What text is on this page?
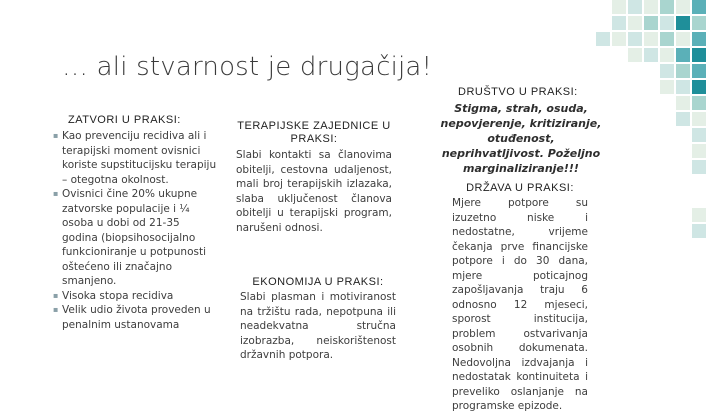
… ali stvarnost je drugačija!
ZATVORI U PRAKSI:
▪ Kao prevenciju recidiva ali i terapijski moment ovisnici koriste supstitucijsku terapiju – otegotna okolnost.
▪ Ovisnici čine 20% ukupne zatvorske populacije i ¼ osoba u dobi od 21-35 godina (biopsihosocijalno funkcioniranje u potpunosti oštećeno ili značajno smanjeno.
▪ Visoka stopa recidiva
▪ Velik udio života proveden u penalnim ustanovama
TERAPIJSKE ZAJEDNICE U PRAKSI:
Slabi kontakti sa članovima obitelji, cestovna udaljenost, mali broj terapijskih izlazaka, slaba uključenost članova obitelji u terapijski program, narušeni odnosi.
EKONOMIJA U PRAKSI:
Slabi plasman i motiviranost na tržištu rada, nepotpuna ili neadekvatna stručna izobrazba, neiskorištenost državnih potpora.
DRUŠTVO U PRAKSI:
Stigma, strah, osuda, nepovjerenje, kritiziranje, otuđenost, neprihvatljivost. Poželjno marginaliziranje!!!
DRŽAVA U PRAKSI:
Mjere potpore su izuzetno niske i nedostatne, vrijeme čekanja prve financijske potpore i do 30 dana, mjere poticajnog zapošljavanja traju 6 odnosno 12 mjeseci, sporost institucija, problem ostvarivanja osobnih dokumenata. Nedovoljna izdvajanja i nedostatak kontinuiteta i preveliko oslanjanje na programske epizode.
